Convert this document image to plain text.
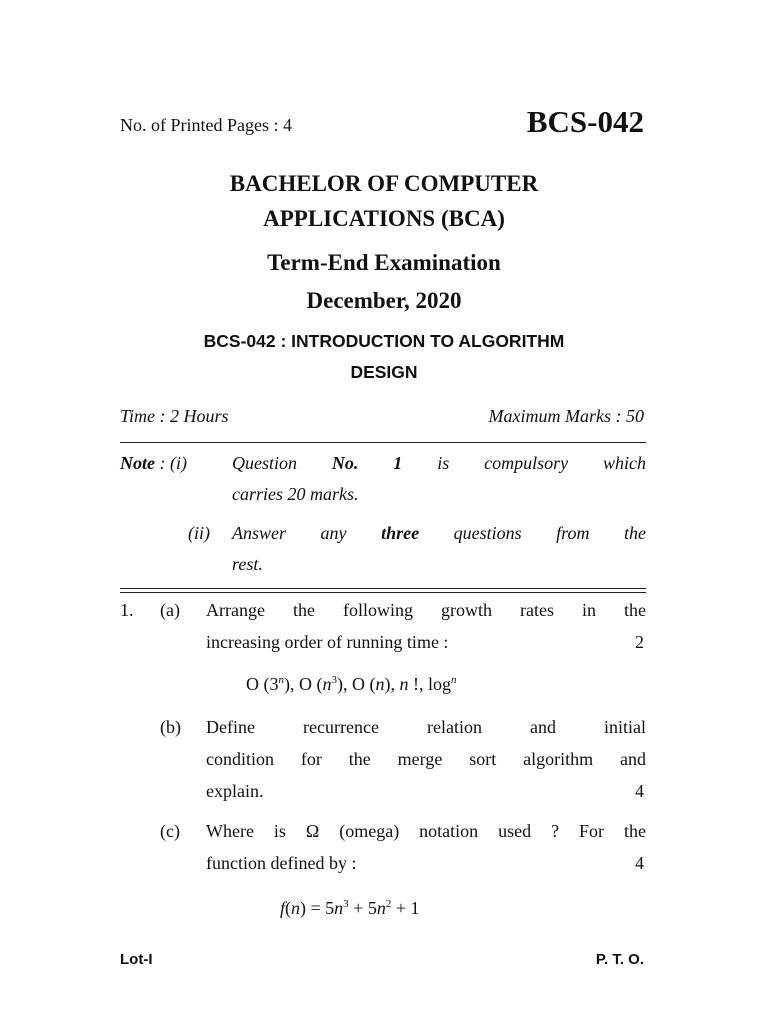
No. of Printed Pages : 4	BCS-042
BACHELOR OF COMPUTER
APPLICATIONS (BCA)
Term-End Examination
December, 2020
BCS-042 : INTRODUCTION TO ALGORITHM
DESIGN
Time : 2 Hours	Maximum Marks : 50
Note : (i)	Question No. 1 is compulsory which
carries 20 marks.
(ii) Answer any three questions from the
rest.
1. (a) Arrange the following growth rates in the
increasing order of running time :	2
O (3$^n$), O $(n^3)$, O (n), n !, $\log^n$
(b) Define recurrence relation and initial
condition for the merge sort algorithm and
explain.	4
(c) Where is Ω (omega) notation used ? For the
function defined by :	4
$f(n) = 5n^3 + 5n^2 + 1$
Lot-I	P. T. O.
